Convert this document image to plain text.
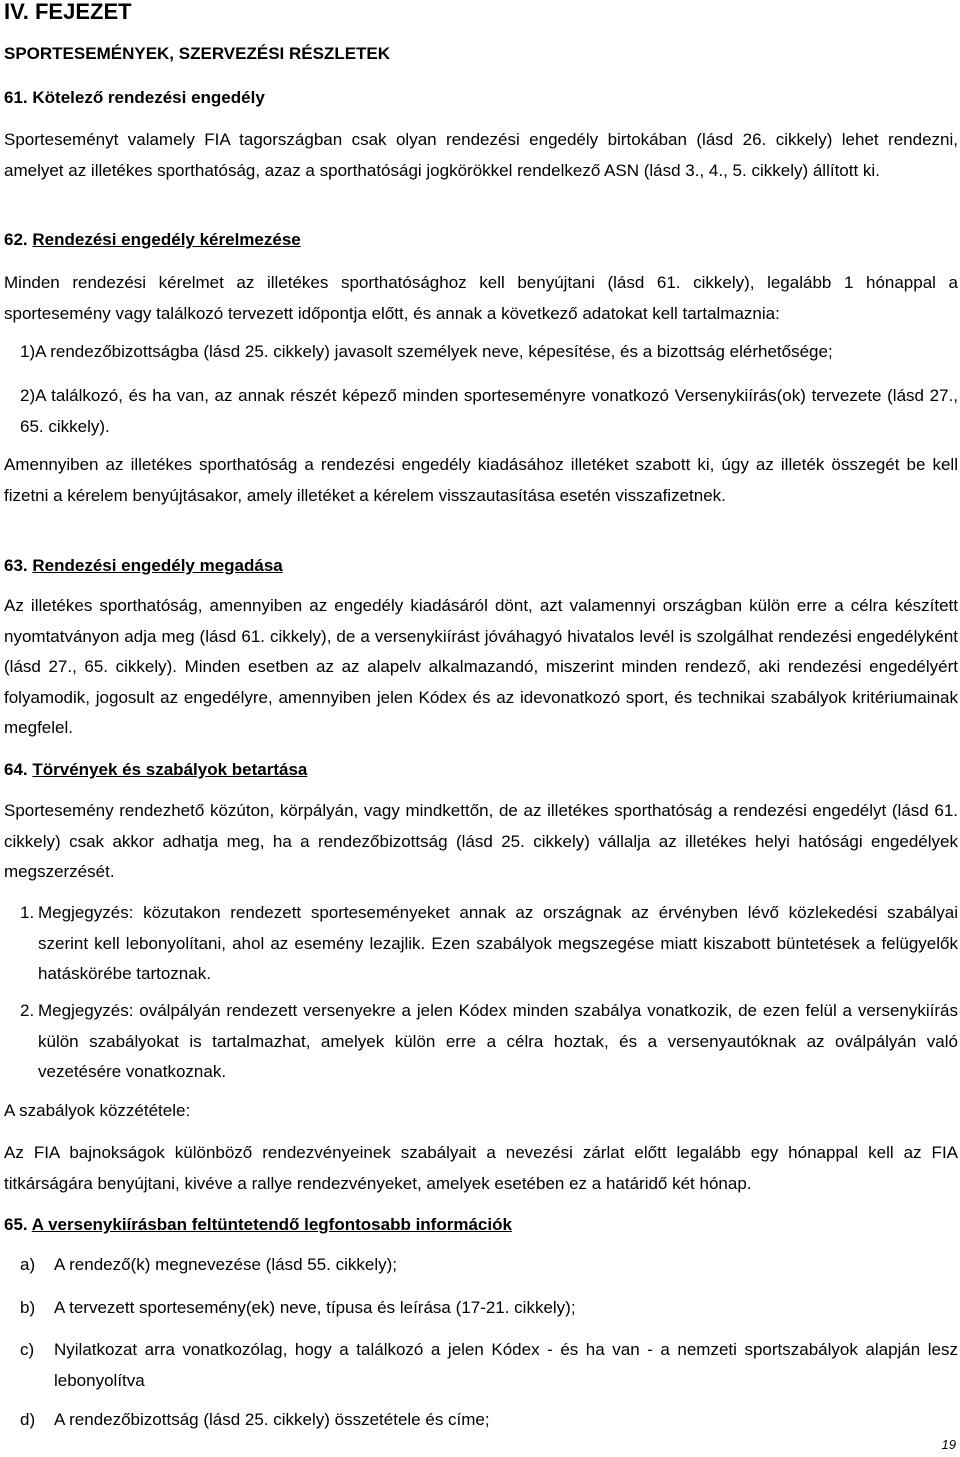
IV. FEJEZET

SPORTESEMÉNYEK, SZERVEZÉSI RÉSZLETEK

61. Kötelező rendezési engedély

Sporteseményt valamely FIA tagországban csak olyan rendezési engedély birtokában (lásd 26. cikkely) lehet rendezni, amelyet az illetékes sporthatóság, azaz a sporthatósági jogkörökkel rendelkező ASN (lásd 3., 4., 5. cikkely) állított ki.

62. Rendezési engedély kérelmezése

Minden rendezési kérelmet az illetékes sporthatósághoz kell benyújtani (lásd 61. cikkely), legalább 1 hónappal a sportesemény vagy találkozó tervezett időpontja előtt, és annak a következő adatokat kell tartalmaznia:

1)A rendezőbizottságba (lásd 25. cikkely) javasolt személyek neve, képesítése, és a bizottság elérhetősége;

2)A találkozó, és ha van, az annak részét képező minden sporteseményre vonatkozó Versenykiírás(ok) tervezete (lásd 27., 65. cikkely).

Amennyiben az illetékes sporthatóság a rendezési engedély kiadásához illetéket szabott ki, úgy az illeték összegét be kell fizetni a kérelem benyújtásakor, amely illetéket a kérelem visszautasítása esetén visszafizetnek.

63. Rendezési engedély megadása

Az illetékes sporthatóság, amennyiben az engedély kiadásáról dönt, azt valamennyi országban külön erre a célra készített nyomtatványon adja meg (lásd 61. cikkely), de a versenykiírást jóváhagyó hivatalos levél is szolgálhat rendezési engedélyként (lásd 27., 65. cikkely). Minden esetben az az alapelv alkalmazandó, miszerint minden rendező, aki rendezési engedélyért folyamodik, jogosult az engedélyre, amennyiben jelen Kódex és az idevonatkozó sport, és technikai szabályok kritériumainak megfelel.

64. Törvények és szabályok betartása

Sportesemény rendezhető közúton, körpályán, vagy mindkettőn, de az illetékes sporthatóság a rendezési engedélyt (lásd 61. cikkely) csak akkor adhatja meg, ha a rendezőbizottság (lásd 25. cikkely) vállalja az illetékes helyi hatósági engedélyek megszerzését.

1. Megjegyzés: közutakon rendezett sporteseményeket annak az országnak az érvényben lévő közlekedési szabályai szerint kell lebonyolítani, ahol az esemény lezajlik. Ezen szabályok megszegése miatt kiszabott büntetések a felügyelők hatáskörébe tartoznak.
2. Megjegyzés: oválpályán rendezett versenyekre a jelen Kódex minden szabálya vonatkozik, de ezen felül a versenykiírás külön szabályokat is tartalmazhat, amelyek külön erre a célra hoztak, és a versenyautóknak az oválpályán való vezetésére vonatkoznak.

A szabályok közzététele:

Az FIA bajnokságok különböző rendezvényeinek szabályait a nevezési zárlat előtt legalább egy hónappal kell az FIA titkárságára benyújtani, kivéve a rallye rendezvényeket, amelyek esetében ez a határidő két hónap.

65. A versenykiírásban feltüntetendő legfontosabb információk

a)	A rendező(k) megnevezése (lásd 55. cikkely);
b)	A tervezett sportesemény(ek) neve, típusa és leírása (17-21. cikkely);
c)	Nyilatkozat arra vonatkozólag, hogy a találkozó a jelen Kódex - és ha van - a nemzeti sportszabályok alapján lesz lebonyolítva
d)	A rendezőbizottság (lásd 25. cikkely) összetétele és címe;
19
